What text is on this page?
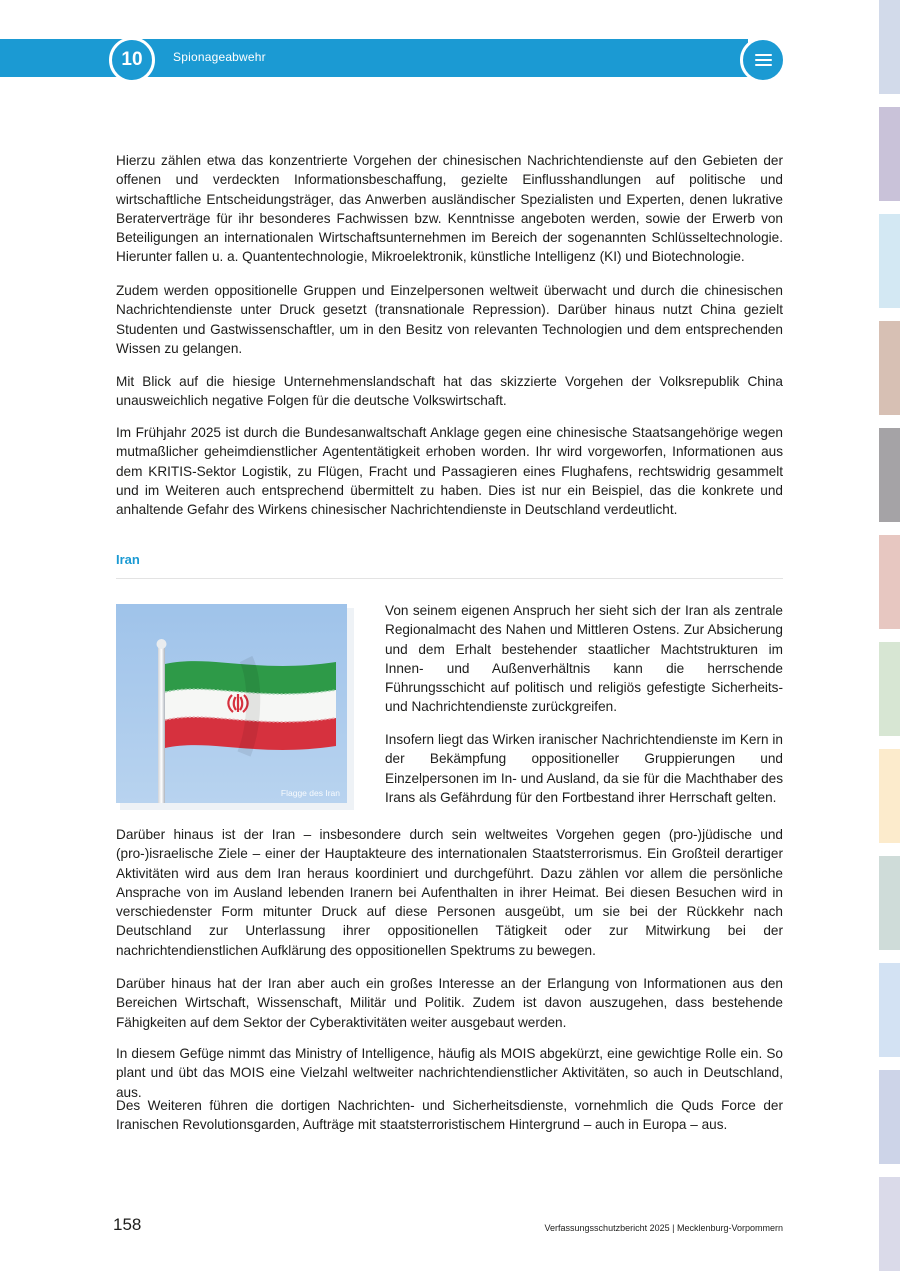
10	Spionageabwehr

Hierzu zählen etwa das konzentrierte Vorgehen der chinesischen Nachrichtendienste auf den Gebieten der offenen und verdeckten Informationsbeschaffung, gezielte Einflusshandlungen auf politische und wirtschaftliche Entscheidungsträger, das Anwerben ausländischer Spezialisten und Experten, denen lukrative Beraterverträge für ihr besonderes Fachwissen bzw. Kenntnisse angeboten werden, sowie der Erwerb von Beteiligungen an internationalen Wirtschaftsunternehmen im Bereich der sogenannten Schlüsseltechnologie. Hierunter fallen u. a. Quantentechnologie, Mikroelektronik, künstliche Intelligenz (KI) und Biotechnologie.

Zudem werden oppositionelle Gruppen und Einzelpersonen weltweit überwacht und durch die chinesischen Nachrichtendienste unter Druck gesetzt (transnationale Repression). Darüber hinaus nutzt China gezielt Studenten und Gastwissenschaftler, um in den Besitz von relevanten Technologien und dem entsprechenden Wissen zu gelangen.

Mit Blick auf die hiesige Unternehmenslandschaft hat das skizzierte Vorgehen der Volksrepublik China unausweichlich negative Folgen für die deutsche Volkswirtschaft.

Im Frühjahr 2025 ist durch die Bundesanwaltschaft Anklage gegen eine chinesische Staatsangehörige wegen mutmaßlicher geheimdienstlicher Agententätigkeit erhoben worden. Ihr wird vorgeworfen, Informationen aus dem KRITIS-Sektor Logistik, zu Flügen, Fracht und Passagieren eines Flughafens, rechtswidrig gesammelt und im Weiteren auch entsprechend übermittelt zu haben. Dies ist nur ein Beispiel, das die konkrete und anhaltende Gefahr des Wirkens chinesischer Nachrichtendienste in Deutschland verdeutlicht.

Iran
Flagge des Iran

Von seinem eigenen Anspruch her sieht sich der Iran als zentrale Regionalmacht des Nahen und Mittleren Ostens. Zur Absicherung und dem Erhalt bestehender staatlicher Machtstrukturen im Innen- und Außenverhältnis kann die herrschende Führungsschicht auf politisch und religiös gefestigte Sicherheits- und Nachrichtendienste zurückgreifen.

Insofern liegt das Wirken iranischer Nachrichtendienste im Kern in der Bekämpfung oppositioneller Gruppierungen und Einzelpersonen im In- und Ausland, da sie für die Machthaber des Irans als Gefährdung für den Fortbestand ihrer Herrschaft gelten.

Darüber hinaus ist der Iran – insbesondere durch sein weltweites Vorgehen gegen (pro-)jüdische und (pro-)israelische Ziele – einer der Hauptakteure des internationalen Staatsterrorismus. Ein Großteil derartiger Aktivitäten wird aus dem Iran heraus koordiniert und durchgeführt. Dazu zählen vor allem die persönliche Ansprache von im Ausland lebenden Iranern bei Aufenthalten in ihrer Heimat. Bei diesen Besuchen wird in verschiedenster Form mitunter Druck auf diese Personen ausgeübt, um sie bei der Rückkehr nach Deutschland zur Unterlassung ihrer oppositionellen Tätigkeit oder zur Mitwirkung bei der nachrichtendienstlichen Aufklärung des oppositionellen Spektrums zu bewegen.

Darüber hinaus hat der Iran aber auch ein großes Interesse an der Erlangung von Informationen aus den Bereichen Wirtschaft, Wissenschaft, Militär und Politik. Zudem ist davon auszugehen, dass bestehende Fähigkeiten auf dem Sektor der Cyberaktivitäten weiter ausgebaut werden.

In diesem Gefüge nimmt das Ministry of Intelligence, häufig als MOIS abgekürzt, eine gewichtige Rolle ein. So plant und übt das MOIS eine Vielzahl weltweiter nachrichtendienstlicher Aktivitäten, so auch in Deutschland, aus.

Des Weiteren führen die dortigen Nachrichten- und Sicherheitsdienste, vornehmlich die Quds Force der Iranischen Revolutionsgarden, Aufträge mit staatsterroristischem Hintergrund – auch in Europa – aus.

158	Verfassungsschutzbericht 2025 | Mecklenburg-Vorpommern
